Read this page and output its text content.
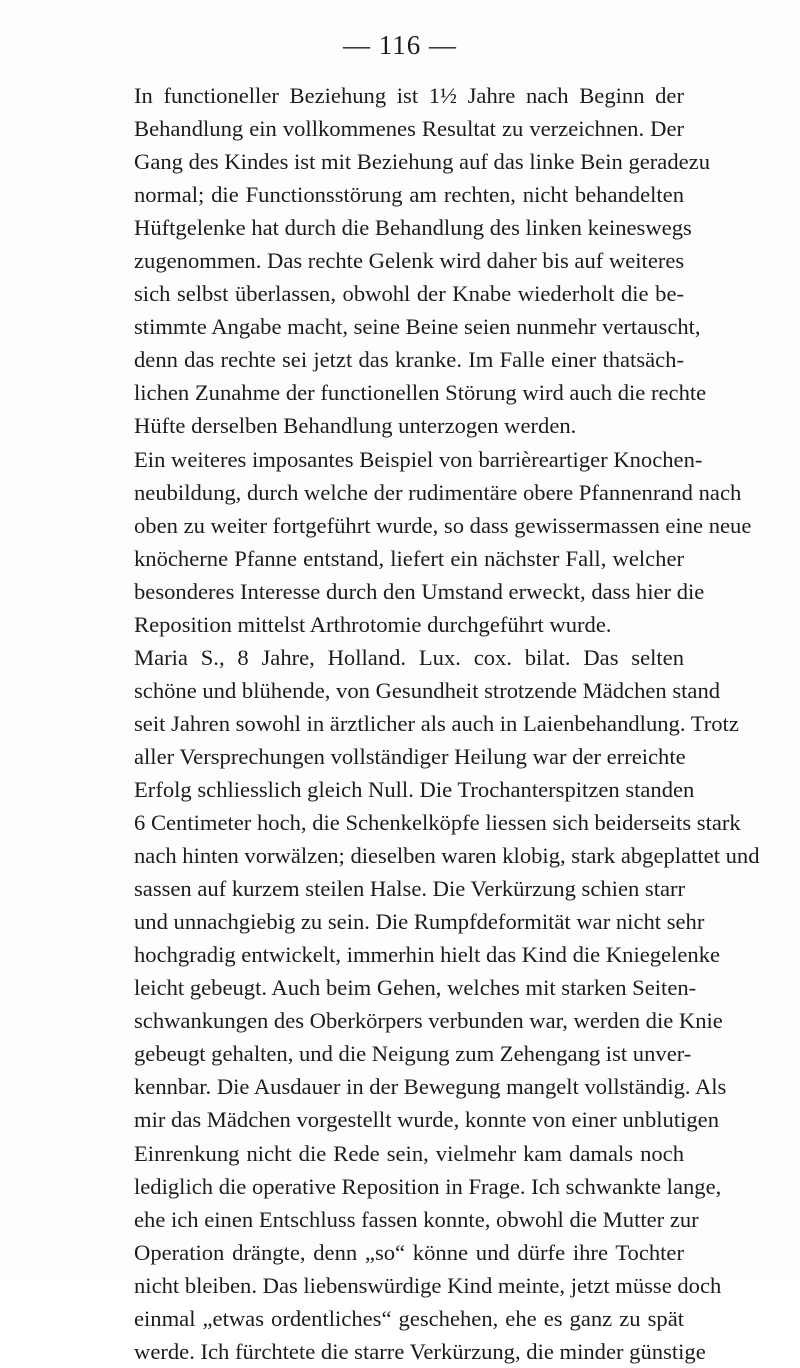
— 116 —

In functioneller Beziehung ist 1½ Jahre nach Beginn der
Behandlung ein vollkommenes Resultat zu verzeichnen. Der
Gang des Kindes ist mit Beziehung auf das linke Bein geradezu
normal; die Functionsstörung am rechten, nicht behandelten
Hüftgelenke hat durch die Behandlung des linken keineswegs
zugenommen. Das rechte Gelenk wird daher bis auf weiteres
sich selbst überlassen, obwohl der Knabe wiederholt die be-
stimmte Angabe macht, seine Beine seien nunmehr vertauscht,
denn das rechte sei jetzt das kranke. Im Falle einer thatsäch-
lichen Zunahme der functionellen Störung wird auch die rechte
Hüfte derselben Behandlung unterzogen werden.

Ein weiteres imposantes Beispiel von barrièreartiger Knochen-
neubildung, durch welche der rudimentäre obere Pfannenrand nach
oben zu weiter fortgeführt wurde, so dass gewissermassen eine neue
knöcherne Pfanne entstand, liefert ein nächster Fall, welcher
besonderes Interesse durch den Umstand erweckt, dass hier die
Reposition mittelst Arthrotomie durchgeführt wurde.

Maria S., 8 Jahre, Holland. Lux. cox. bilat. Das selten
schöne und blühende, von Gesundheit strotzende Mädchen stand
seit Jahren sowohl in ärztlicher als auch in Laienbehandlung. Trotz
aller Versprechungen vollständiger Heilung war der erreichte
Erfolg schliesslich gleich Null. Die Trochanterspitzen standen
6 Centimeter hoch, die Schenkelköpfe liessen sich beiderseits stark
nach hinten vorwälzen; dieselben waren klobig, stark abgeplattet und
sassen auf kurzem steilen Halse. Die Verkürzung schien starr
und unnachgiebig zu sein. Die Rumpfdeformität war nicht sehr
hochgradig entwickelt, immerhin hielt das Kind die Kniegelenke
leicht gebeugt. Auch beim Gehen, welches mit starken Seiten-
schwankungen des Oberkörpers verbunden war, werden die Knie
gebeugt gehalten, und die Neigung zum Zehengang ist unver-
kennbar. Die Ausdauer in der Bewegung mangelt vollständig. Als
mir das Mädchen vorgestellt wurde, konnte von einer unblutigen
Einrenkung nicht die Rede sein, vielmehr kam damals noch
lediglich die operative Reposition in Frage. Ich schwankte lange,
ehe ich einen Entschluss fassen konnte, obwohl die Mutter zur
Operation drängte, denn „so“ könne und dürfe ihre Tochter
nicht bleiben. Das liebenswürdige Kind meinte, jetzt müsse doch
einmal „etwas ordentliches“ geschehen, ehe es ganz zu spät
werde. Ich fürchtete die starre Verkürzung, die minder günstige
